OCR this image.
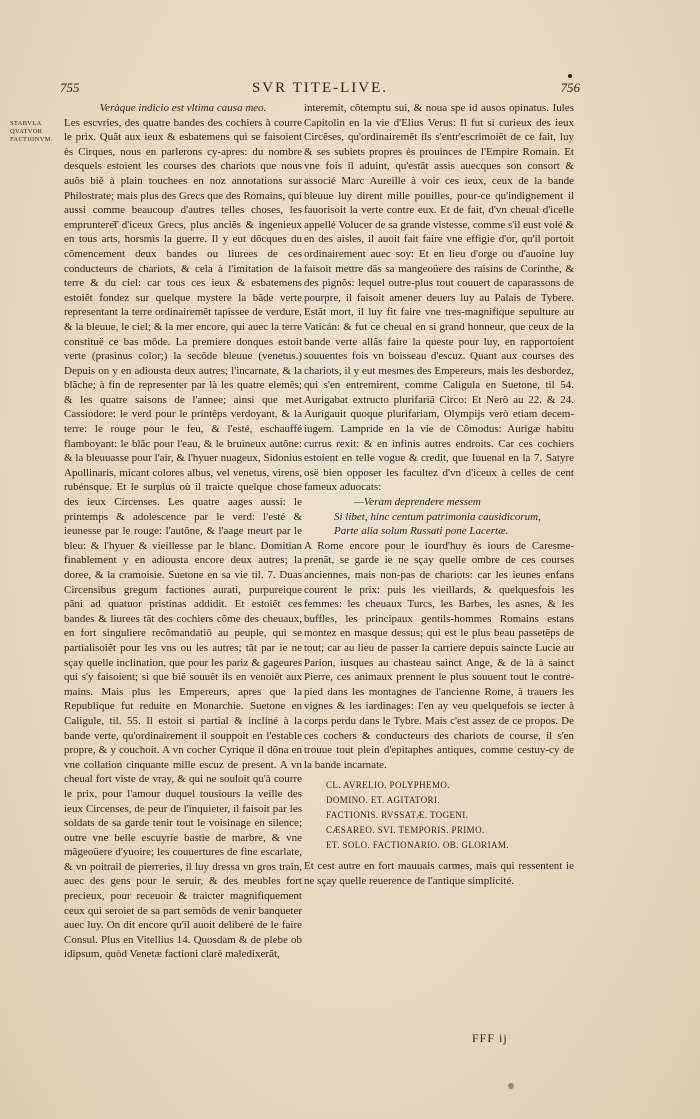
755	SVR TITE-LIVE.	756
STABVLA
QVATVOR
FACTIONVM.

Veràque indicio est vltima causa meo.

Les escvries, des quatre bandes des cochiers à courre le prix. Quãt aux ieux & esbatemens qui se faisoient ès Cirques, nous en parlerons cy-apres: du nombre desquels estoient les courses des chariots que nous auõs biẽ à plain touchees en noz annotations sur Philostrate; mais plus des Grecs que des Romains, qui aussi comme beaucoup d'autres telles choses, les empruntere͠t d'iceux Grecs, plus anciẽs & ingenieux en tous arts, horsmis la guerre. Il y eut dõcques du cõmencement deux bandes ou liurees de ces conducteurs de chariots, & cela à l'imitation de la terre & du ciel: car tous ces ieux & esbatemens estoiẽt fondez sur quelque mystere la bãde verte representant la terre ordinairemẽt tapissee de verdure, & la bleuue, le ciel; & la mer encore, qui auec la terre constituë ce bas môde. La premiere donques estoit verte (prasinus color;) la secõde bleuue (venetus.) Depuis on y en adiousta deux autres; l'incarnate, & la blãche; à fin de representer par là les quatre elemẽs; & les quatre saisons de l'annee; ainsi que met Cassiodore: le verd pour le printẽps verdoyant, & la terre: le rouge pour le feu, & l'esté, eschauffé flamboyant: le blãc pour l'eau, & le bruineux autõne: & la bleuuasse pour l'air, & l'hyuer nuageux, Sidonius Apollinaris, micant colores albus, vel venetus, virens, rubénsque. Et le surplus où il traicte quelque chose des ieux Circenses. Les quatre aages aussi: le printemps & adolescence par le verd: l'esté & ieunesse par le rouge: l'autõne, & l'aage meurt par le bleu: & l'hyuer & vieillesse par le blanc. Domitian finablement y en adiousta encore deux autres; la doree, & la cramoisie. Suetone en sa vie til. 7. Duas Circensibus gregum factiones aurati, purpureique pãni ad quatuor pristinas addidit. Et estoiẽt ces bandes & liurees tãt des cochiers cõme des cheuaux, en fort singuliere recõmandatiõ au peuple, qui se partialisoiẽt pour les vns ou les autres; tãt par ie ne sçay quelle inclination, que pour les pariz & gageures qui s'y faisoient; si que biẽ souuẽt ils en venoiẽt aux mains. Mais plus les Empereurs, apres que la Republique fut reduite en Monarchie. Suetone en Caligule, til. 55. Il estoit si partial & incliné à la bande verte, qu'ordinairement il souppoit en l'estable propre, & y couchoit. A vn cocher Cyrique il dõna en vne collation cinquante mille escuz de present. A vn cheual fort viste de vray, & qui ne souloit qu'à courre le prix, pour l'amour duquel tousiours la veille des ieux Circenses, de peur de l'inquieter, il faisoit par les soldats de sa garde tenir tout le voisinage en silence; outre vne belle escuyrie bastie de marbre, & vne mãgeoüere d'yuoire; les couuertures de fine escarlate, & vn poitrail de pierreries, il luy dressa vn gros train, auec des gens pour le seruir, & des meubles fort precieux, pour receuoir & traicter magnifiquement ceux qui seroiet de sa part semõds de venir banqueter auec luy. On dit encore qu'il auoit deliberé de le faire Consul. Plus en Vitellius 14. Quosdam & de plebe ob idipsum, quòd Venetæ factioni clarè maledixerãt,

interemit, cõtemptu sui, & noua spe id ausos opinatus. Iules Capitolin en la vie d'Elius Verus: Il fut si curieux des ieux Circẽses, qu'ordinairemẽt ils s'entr'escrimoiẽt de ce fait, luy & ses subiets propres ès prouinces de l'Empire Romain. Et vne fois il aduint, qu'estãt assis auecques son consort & associé Marc Aureille à voir ces ieux, ceux de la bande bleuue luy dirent mille pouilles, pour-ce qu'indignement il fauorisoit la verte contre eux. Et de fait, d'vn cheual d'icelle appellé Volucer de sa grande vistesse, comme s'il eust volé & en des aisles, il auoit fait faire vne effigie d'or, qu'il portoit ordinairement auec soy: Et en lieu d'orge ou d'auoine luy faisoit mettre dãs sa mangeoüere des raisins de Corinthe, & des pignõs: lequel outre-plus tout couuert de caparassons de pourpre, il faisoit amener deuers luy au Palais de Tybere. Estãt mort, il luy fit faire vne tres-magnifique sepulture au Vaticán: & fut ce cheual en si grand honneur, que ceux de la bande verte allãs faire la queste pour luy, en rapportoient souuentes fois vn boisseau d'escuz. Quant aux courses des chariots, il y eut mesmes des Empereurs, mais les desbordez, qui s'en entremirent, comme Caligula en Suetone, til 54. Aurigabat extructo plurifariã Circo: Et Nerõ au 22. & 24. Aurigauit quoque plurifariam, Olympijs verò etiam decem-iugem. Lampride en la vie de Cõmodus: Aurigæ habitu currus rexit: & en infinis autres endroits. Car ces cochiers estoient en telle vogue & credit, que Iuuenal en la 7. Satyre osë bien opposer les facultez d'vn d'iceux à celles de cent fameux aduocats:

—Veram deprendere messem

Si libet, hinc centum patrimonia causidicorum,

Parte alia solum Russati pone Lacertæ.

A Rome encore pour le iourd'huy ès iours de Caresme-prenãt, se garde ie ne sçay quelle ombre de ces courses anciennes, mais non-pas de chariots: car les ieunes enfans courent le prix: puis les vieillards, & quelquesfois les femmes: les cheuaux Turcs, les Barbes, les asnes, & les buffles, les principaux gentils-hommes Romains estans montez en masque dessus; qui est le plus beau passetẽps de tout; car au lieu de passer la carriere depuis saincte Lucie au Parion, iusques au chasteau sainct Ange, & de là à sainct Pierre, ces animaux prennent le plus souuent tout le contre-pied dans les montagnes de l'ancienne Rome, à trauers les vignes & les iardinages: I'en ay veu quelquefois se iecter à corps perdu dans le Tybre. Mais c'est assez de ce propos. De ces cochers & conducteurs des chariots de course, il s'en trouue tout plein d'epitaphes antiques, comme cestuy-cy de la bande incarnate.

CL. AVRELIO. POLYPHEMO.
DOMINO. ET. AGITATORI.
FACTIONIS. RVSSATÆ. TOGENI.
CÆSAREO. SVI. TEMPORIS. PRIMO.
ET. SOLO. FACTIONARIO. OB. GLORIAM.

Et cest autre en fort mauuais carmes, mais qui ressentent ie ne sçay quelle reuerence de l'antique simplicité.

FFF ij
